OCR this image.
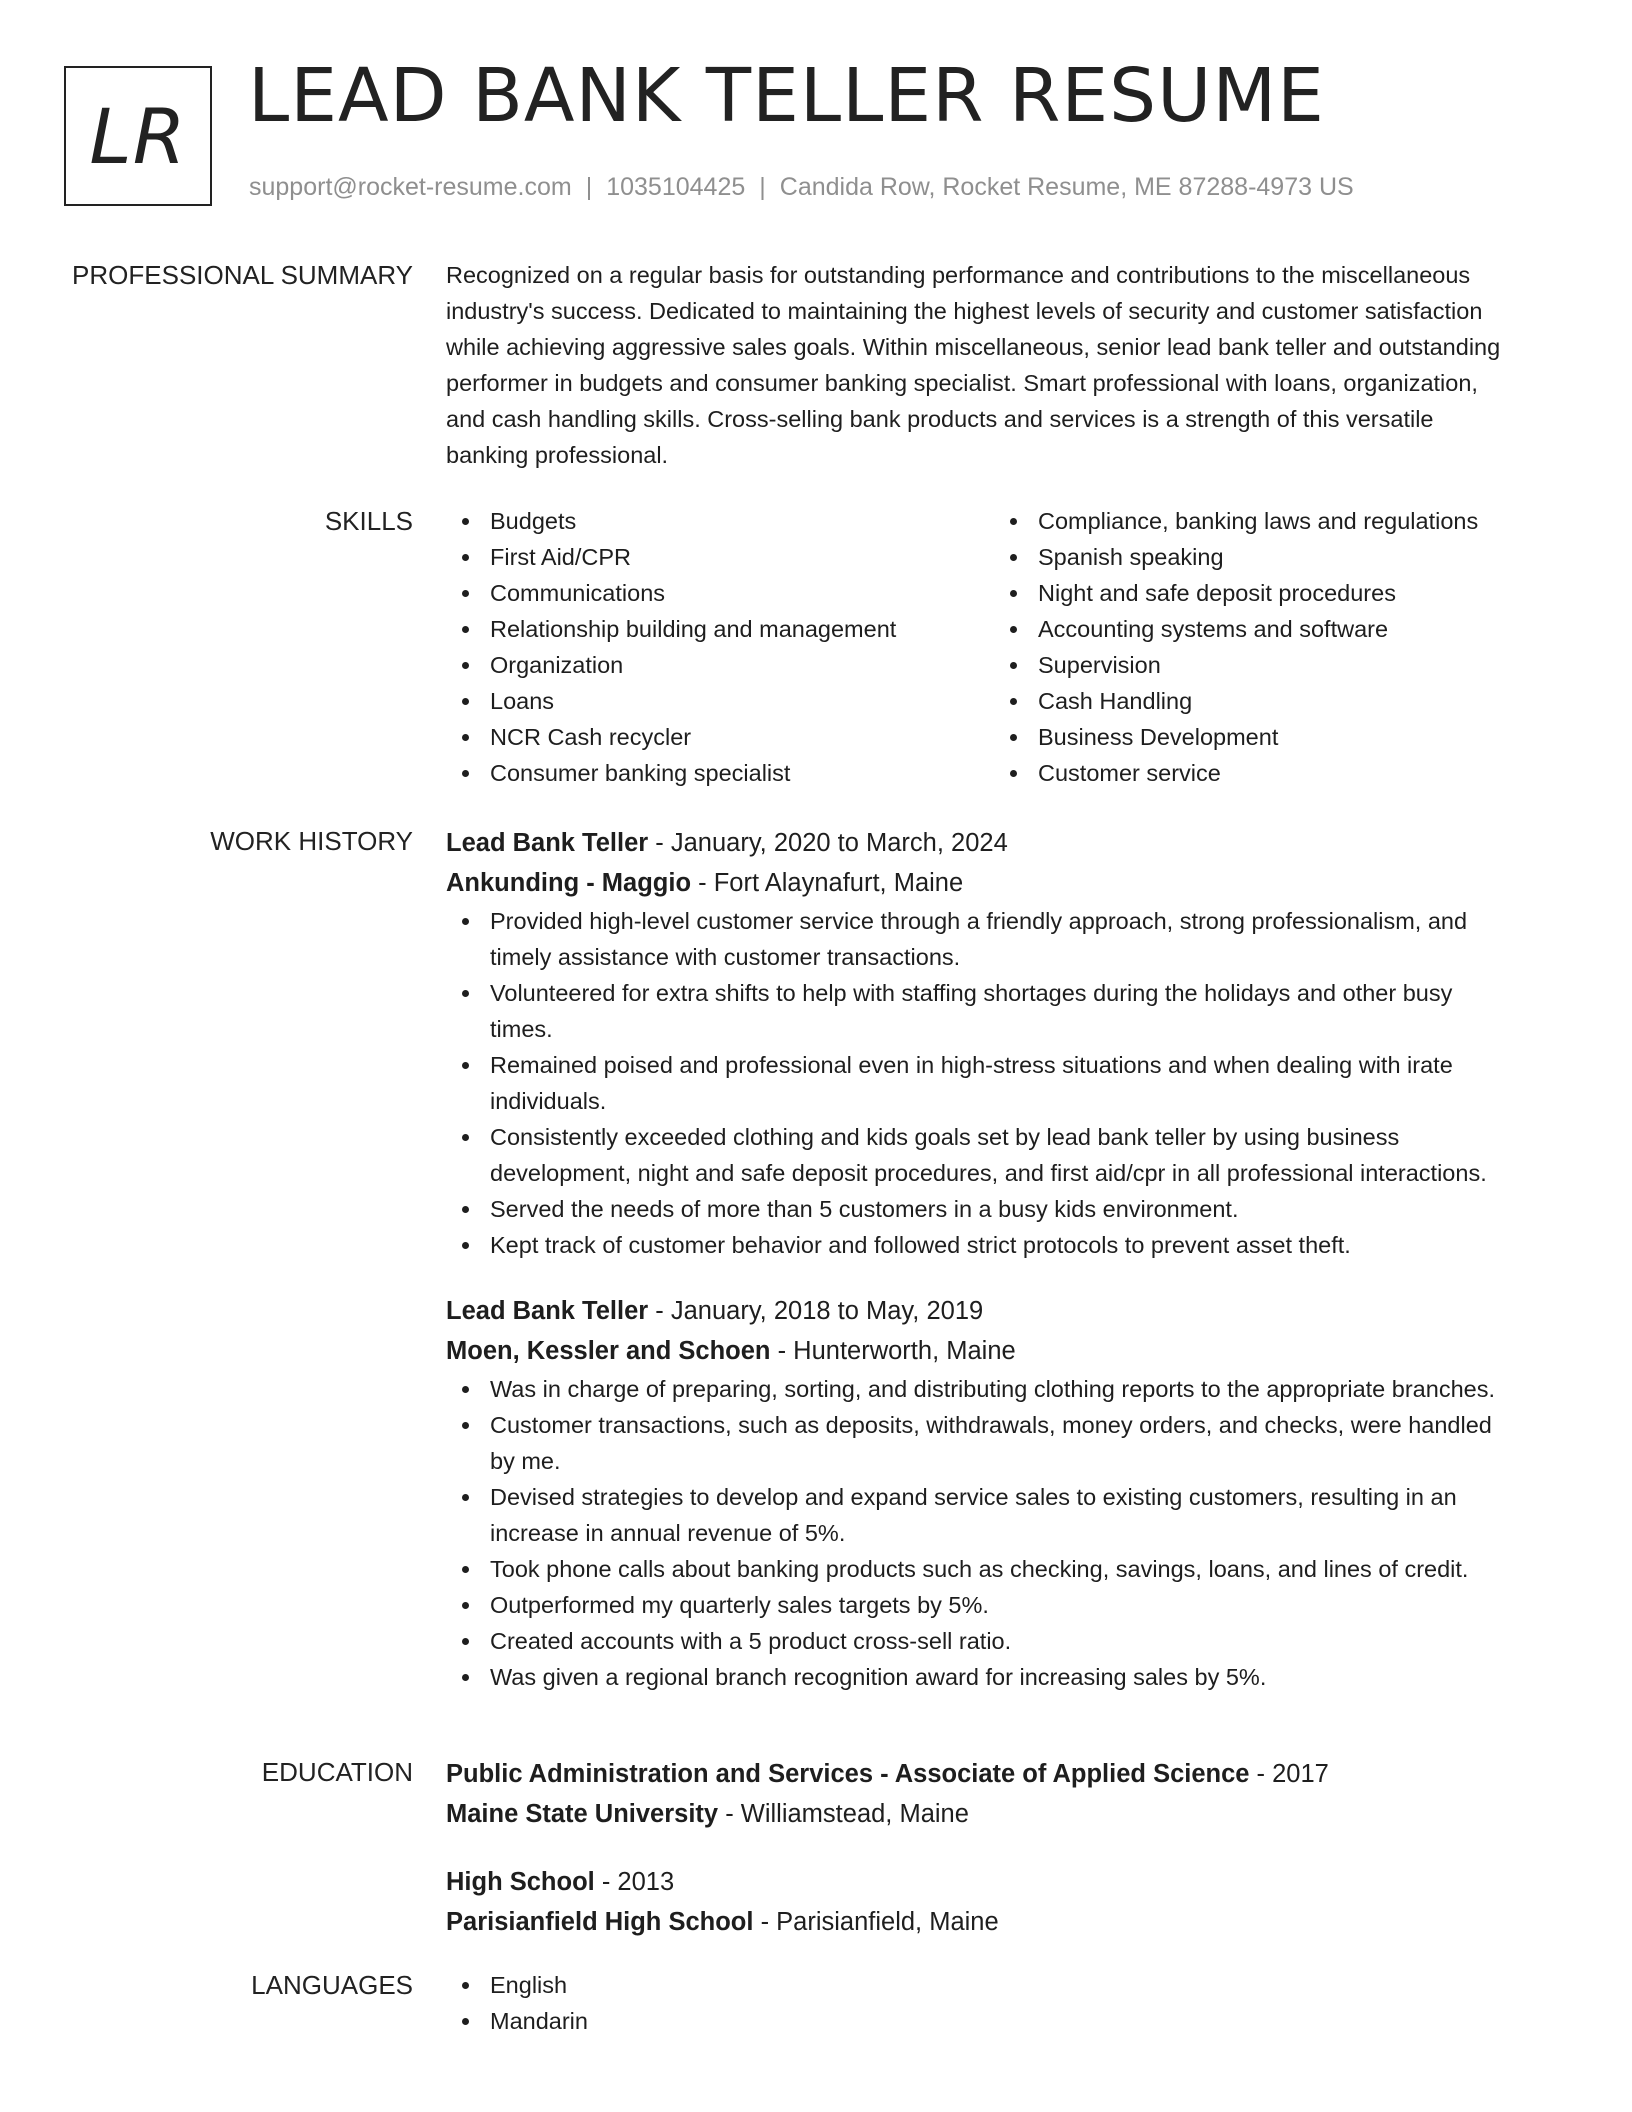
LR LEAD BANK TELLER RESUME
support@rocket-resume.com | 1035104425 | Candida Row, Rocket Resume, ME 87288-4973 US
PROFESSIONAL SUMMARY Recognized on a regular basis for outstanding performance and contributions to the miscellaneous
industry's success. Dedicated to maintaining the highest levels of security and customer satisfaction
while achieving aggressive sales goals. Within miscellaneous, senior lead bank teller and outstanding
performer in budgets and consumer banking specialist. Smart professional with loans, organization,
and cash handling skills. Cross-selling bank products and services is a strength of this versatile
banking professional.
SKILLS	Budgets
First Aid/CPR
Communications
Relationship building and management
Organization
Loans
NCR Cash recycler
Consumer banking specialist
Compliance, banking laws and regulations
Spanish speaking
Night and safe deposit procedures
Accounting systems and software
Supervision
Cash Handling
Business Development
Customer service
WORK HISTORY Lead Bank Teller - January, 2020 to March, 2024
Ankunding - Maggio - Fort Alaynafurt, Maine
Provided high-level customer service through a friendly approach, strong professionalism, and
timely assistance with customer transactions.
Volunteered for extra shifts to help with staffing shortages during the holidays and other busy
times.
Remained poised and professional even in high-stress situations and when dealing with irate
individuals.
Consistently exceeded clothing and kids goals set by lead bank teller by using business
development, night and safe deposit procedures, and first aid/cpr in all professional interactions.
Served the needs of more than 5 customers in a busy kids environment.
Kept track of customer behavior and followed strict protocols to prevent asset theft.
Lead Bank Teller - January, 2018 to May, 2019
Moen, Kessler and Schoen - Hunterworth, Maine
Was in charge of preparing, sorting, and distributing clothing reports to the appropriate branches.
Customer transactions, such as deposits, withdrawals, money orders, and checks, were handled
by me.
Devised strategies to develop and expand service sales to existing customers, resulting in an
increase in annual revenue of 5%.
Took phone calls about banking products such as checking, savings, loans, and lines of credit.
Outperformed my quarterly sales targets by 5%.
Created accounts with a 5 product cross-sell ratio.
Was given a regional branch recognition award for increasing sales by 5%.
EDUCATION Public Administration and Services - Associate of Applied Science - 2017
Maine State University - Williamstead, Maine
High School - 2013
Parisianfield High School - Parisianfield, Maine
LANGUAGES	English
Mandarin
